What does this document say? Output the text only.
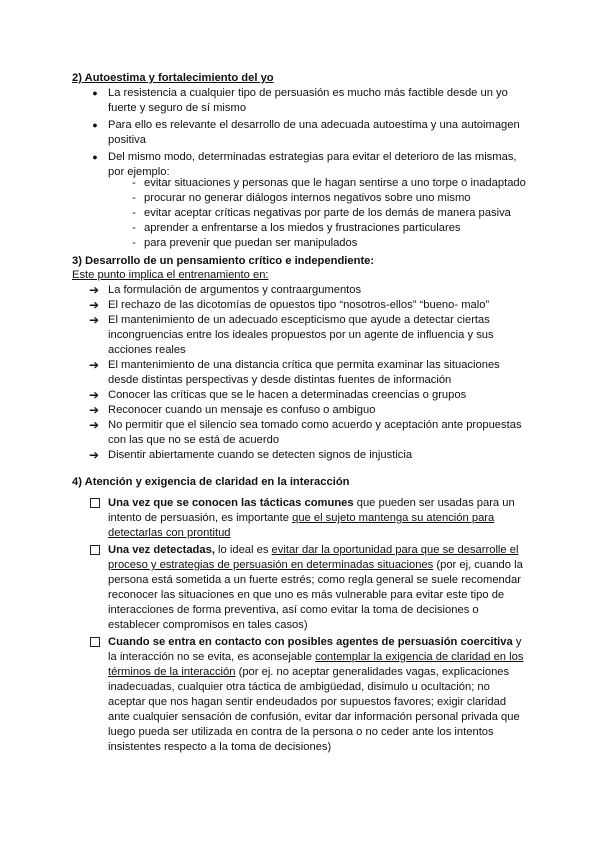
2) Autoestima y fortalecimiento del yo
● La resistencia a cualquier tipo de persuasión es mucho más factible desde un yo fuerte y seguro de sí mismo
● Para ello es relevante el desarrollo de una adecuada autoestima y una autoimagen positiva
● Del mismo modo, determinadas estrategias para evitar el deterioro de las mismas, por ejemplo:
- evitar situaciones y personas que le hagan sentirse a uno torpe o inadaptado
- procurar no generar diálogos internos negativos sobre uno mismo
- evitar aceptar críticas negativas por parte de los demás de manera pasiva
- aprender a enfrentarse a los miedos y frustraciones particulares
- para prevenir que puedan ser manipulados
3) Desarrollo de un pensamiento crítico e independiente:
Este punto implica el entrenamiento en:
➔ La formulación de argumentos y contraargumentos
➔ El rechazo de las dicotomías de opuestos tipo “nosotros-ellos” “bueno- malo”
➔ El mantenimiento de un adecuado escepticismo que ayude a detectar ciertas incongruencias entre los ideales propuestos por un agente de influencia y sus acciones reales
➔ El mantenimiento de una distancia crítica que permita examinar las situaciones desde distintas perspectivas y desde distintas fuentes de información
➔ Conocer las críticas que se le hacen a determinadas creencias o grupos
➔ Reconocer cuando un mensaje es confuso o ambiguo
➔ No permitir que el silencio sea tomado como acuerdo y aceptación ante propuestas con las que no se está de acuerdo
➔ Disentir abiertamente cuando se detecten signos de injusticia
4) Atención y exigencia de claridad en la interacción
Una vez que se conocen las tácticas comunes que pueden ser usadas para un intento de persuasión, es importante que el sujeto mantenga su atención para detectarlas con prontitud
Una vez detectadas, lo ideal es evitar dar la oportunidad para que se desarrolle el proceso y estrategias de persuasión en determinadas situaciones (por ej, cuando la persona está sometida a un fuerte estrés; como regla general se suele recomendar reconocer las situaciones en que uno es más vulnerable para evitar este tipo de interacciones de forma preventiva, así como evitar la toma de decisiones o establecer compromisos en tales casos)
Cuando se entra en contacto con posibles agentes de persuasión coercitiva y la interacción no se evita, es aconsejable contemplar la exigencia de claridad en los términos de la interacción (por ej. no aceptar generalidades vagas, explicaciones inadecuadas, cualquier otra táctica de ambigüedad, disimulo u ocultación; no aceptar que nos hagan sentir endeudados por supuestos favores; exigir claridad ante cualquier sensación de confusión, evitar dar información personal privada que luego pueda ser utilizada en contra de la persona o no ceder ante los intentos insistentes respecto a la toma de decisiones)
